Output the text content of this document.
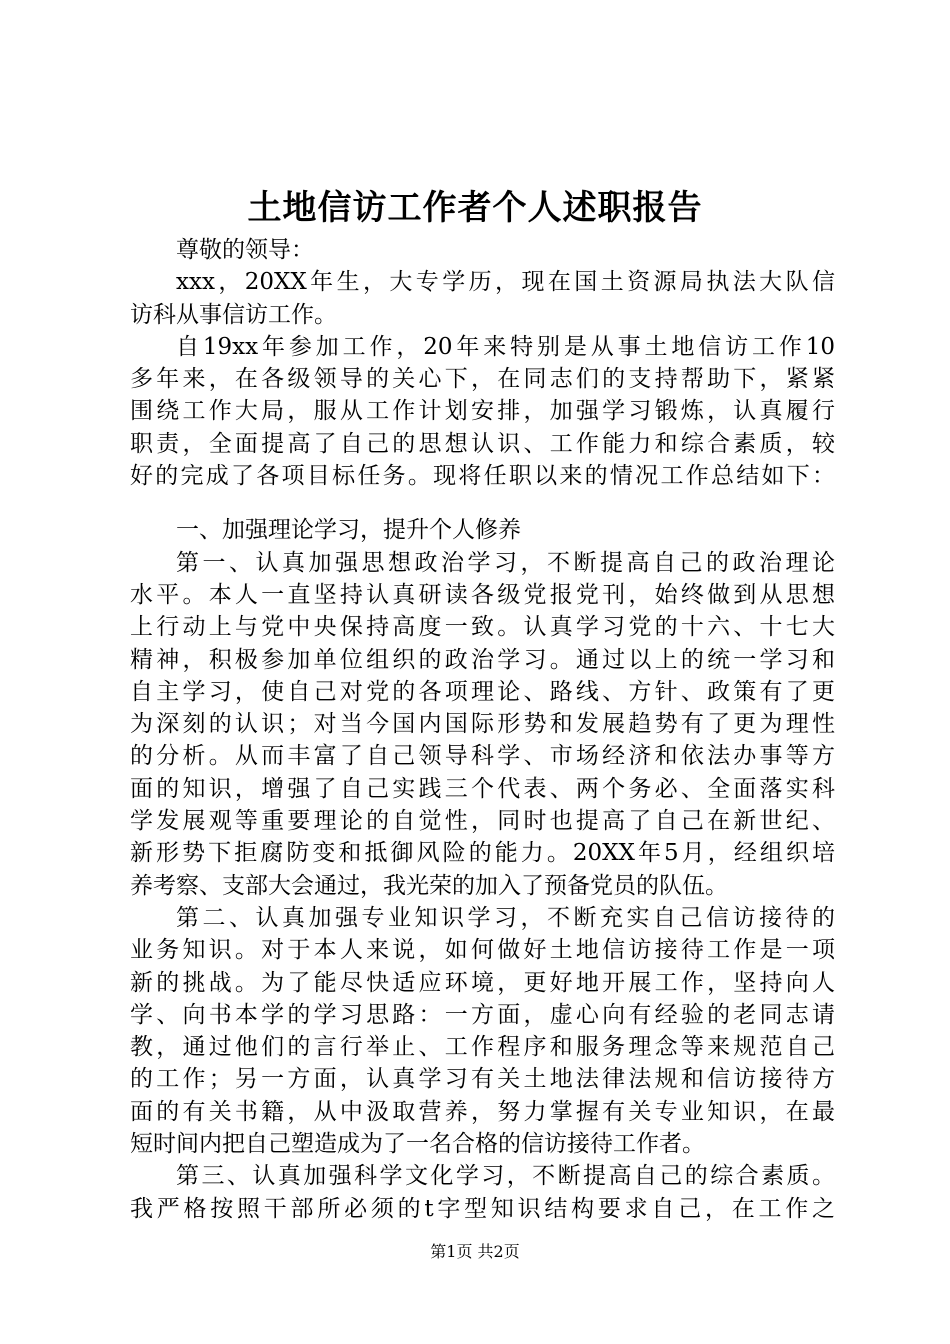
土地信访工作者个人述职报告
尊敬的领导：
xxx，20XX年生，大专学历，现在国土资源局执法大队信
访科从事信访工作。
自19xx年参加工作，20年来特别是从事土地信访工作10
多年来，在各级领导的关心下，在同志们的支持帮助下，紧紧
围绕工作大局，服从工作计划安排，加强学习锻炼，认真履行
职责，全面提高了自己的思想认识、工作能力和综合素质，较
好的完成了各项目标任务。现将任职以来的情况工作总结如下：
一、加强理论学习，提升个人修养
第一、认真加强思想政治学习，不断提高自己的政治理论
水平。本人一直坚持认真研读各级党报党刊，始终做到从思想
上行动上与党中央保持高度一致。认真学习党的十六、十七大
精神，积极参加单位组织的政治学习。通过以上的统一学习和
自主学习，使自己对党的各项理论、路线、方针、政策有了更
为深刻的认识；对当今国内国际形势和发展趋势有了更为理性
的分析。从而丰富了自己领导科学、市场经济和依法办事等方
面的知识，增强了自己实践三个代表、两个务必、全面落实科
学发展观等重要理论的自觉性，同时也提高了自己在新世纪、
新形势下拒腐防变和抵御风险的能力。20XX年5月，经组织培
养考察、支部大会通过，我光荣的加入了预备党员的队伍。
第二、认真加强专业知识学习，不断充实自己信访接待的
业务知识。对于本人来说，如何做好土地信访接待工作是一项
新的挑战。为了能尽快适应环境，更好地开展工作，坚持向人
学、向书本学的学习思路：一方面，虚心向有经验的老同志请
教，通过他们的言行举止、工作程序和服务理念等来规范自己
的工作；另一方面，认真学习有关土地法律法规和信访接待方
面的有关书籍，从中汲取营养，努力掌握有关专业知识，在最
短时间内把自己塑造成为了一名合格的信访接待工作者。
第三、认真加强科学文化学习，不断提高自己的综合素质。
我严格按照干部所必须的t字型知识结构要求自己，在工作之
第1页 共2页
